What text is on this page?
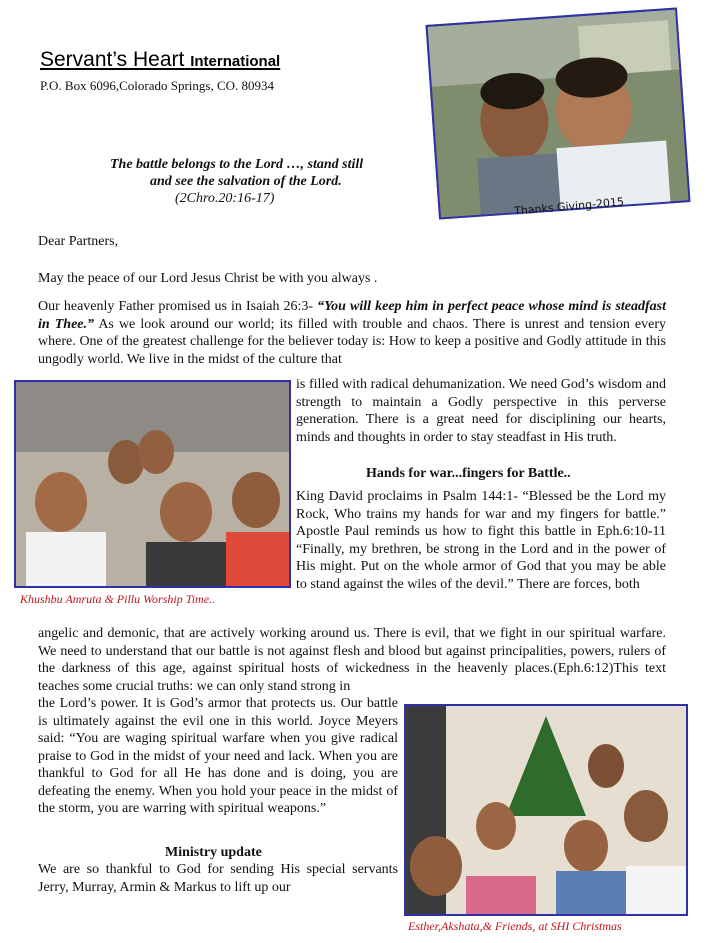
Servant’s Heart International
P.O. Box 6096,Colorado Springs, CO. 80934
Thanks Giving-2015
The battle belongs to the Lord …, stand still
and see the salvation of the Lord.
(2Chro.20:16-17)
Dear Partners,
May the peace of our Lord Jesus Christ be with you always .
Our heavenly Father promised us in Isaiah 26:3- “You will keep him in perfect peace whose mind is steadfast in Thee.” As we look around our world; its filled with trouble and chaos. There is unrest and tension every where. One of the greatest challenge for the believer today is: How to keep a positive and Godly attitude in this ungodly world. We live in the midst of the culture that
is filled with radical dehumanization. We need God’s wisdom and strength to maintain a Godly perspective in this perverse generation. There is a great need for disciplining our hearts, minds and thoughts in order to stay steadfast in His truth.
Hands for war...fingers for Battle..
King David proclaims in Psalm 144:1- “Blessed be the Lord my Rock, Who trains my hands for war and my fingers for battle.” Apostle Paul reminds us how to fight this battle in Eph.6:10-11 “Finally, my brethren, be strong in the Lord and in the power of His might. Put on the whole armor of God that you may be able to stand against the wiles of the devil.” There are forces, both
Khushbu Amruta & Pillu Worship Time..
angelic and demonic, that are actively working around us. There is evil, that we fight in our spiritual warfare. We need to understand that our battle is not against flesh and blood but against principalities, powers, rulers of the darkness of this age, against spiritual hosts of wickedness in the heavenly places.(Eph.6:12)This text teaches some crucial truths: we can only stand strong in
the Lord’s power. It is God’s armor that protects us. Our battle is ultimately against the evil one in this world. Joyce Meyers said: “You are waging spiritual warfare when you give radical praise to God in the midst of your need and lack. When you are thankful to God for all He has done and is doing, you are defeating the enemy. When you hold your peace in the midst of the storm, you are warring with spiritual weapons.”
Ministry update
We are so thankful to God for sending His special servants Jerry, Murray, Armin & Markus to lift up our
Esther,Akshata,& Friends, at SHI Christmas
